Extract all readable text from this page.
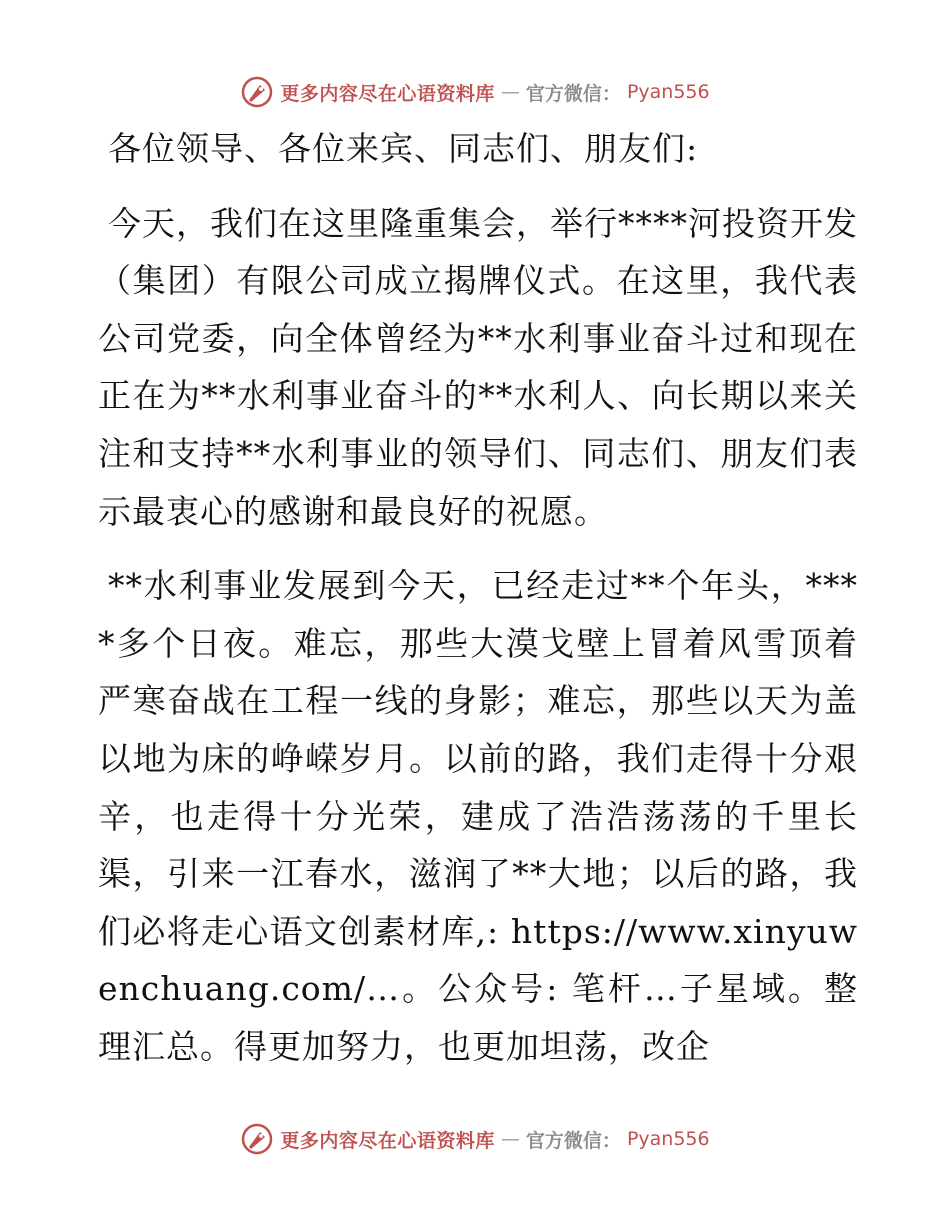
更多内容尽在心语资料库 — 官方微信： Pyan556

各位领导、各位来宾、同志们、朋友们:

今天，我们在这里隆重集会，举行****河投资开发（集团）有限公司成立揭牌仪式。在这里，我代表公司党委，向全体曾经为**水利事业奋斗过和现在正在为**水利事业奋斗的**水利人、向长期以来关注和支持**水利事业的领导们、同志们、朋友们表示最衷心的感谢和最良好的祝愿。

**水利事业发展到今天，已经走过**个年头，****多个日夜。难忘，那些大漠戈壁上冒着风雪顶着严寒奋战在工程一线的身影；难忘，那些以天为盖以地为床的峥嵘岁月。以前的路，我们走得十分艰辛，也走得十分光荣，建成了浩浩荡荡的千里长渠，引来一江春水，滋润了**大地；以后的路，我们必将走心语文创素材库,: https://www.xinyuwenchuang.com/…。公众号: 笔杆…子星域。整理汇总。得更加努力，也更加坦荡，改企

更多内容尽在心语资料库 — 官方微信： Pyan556
